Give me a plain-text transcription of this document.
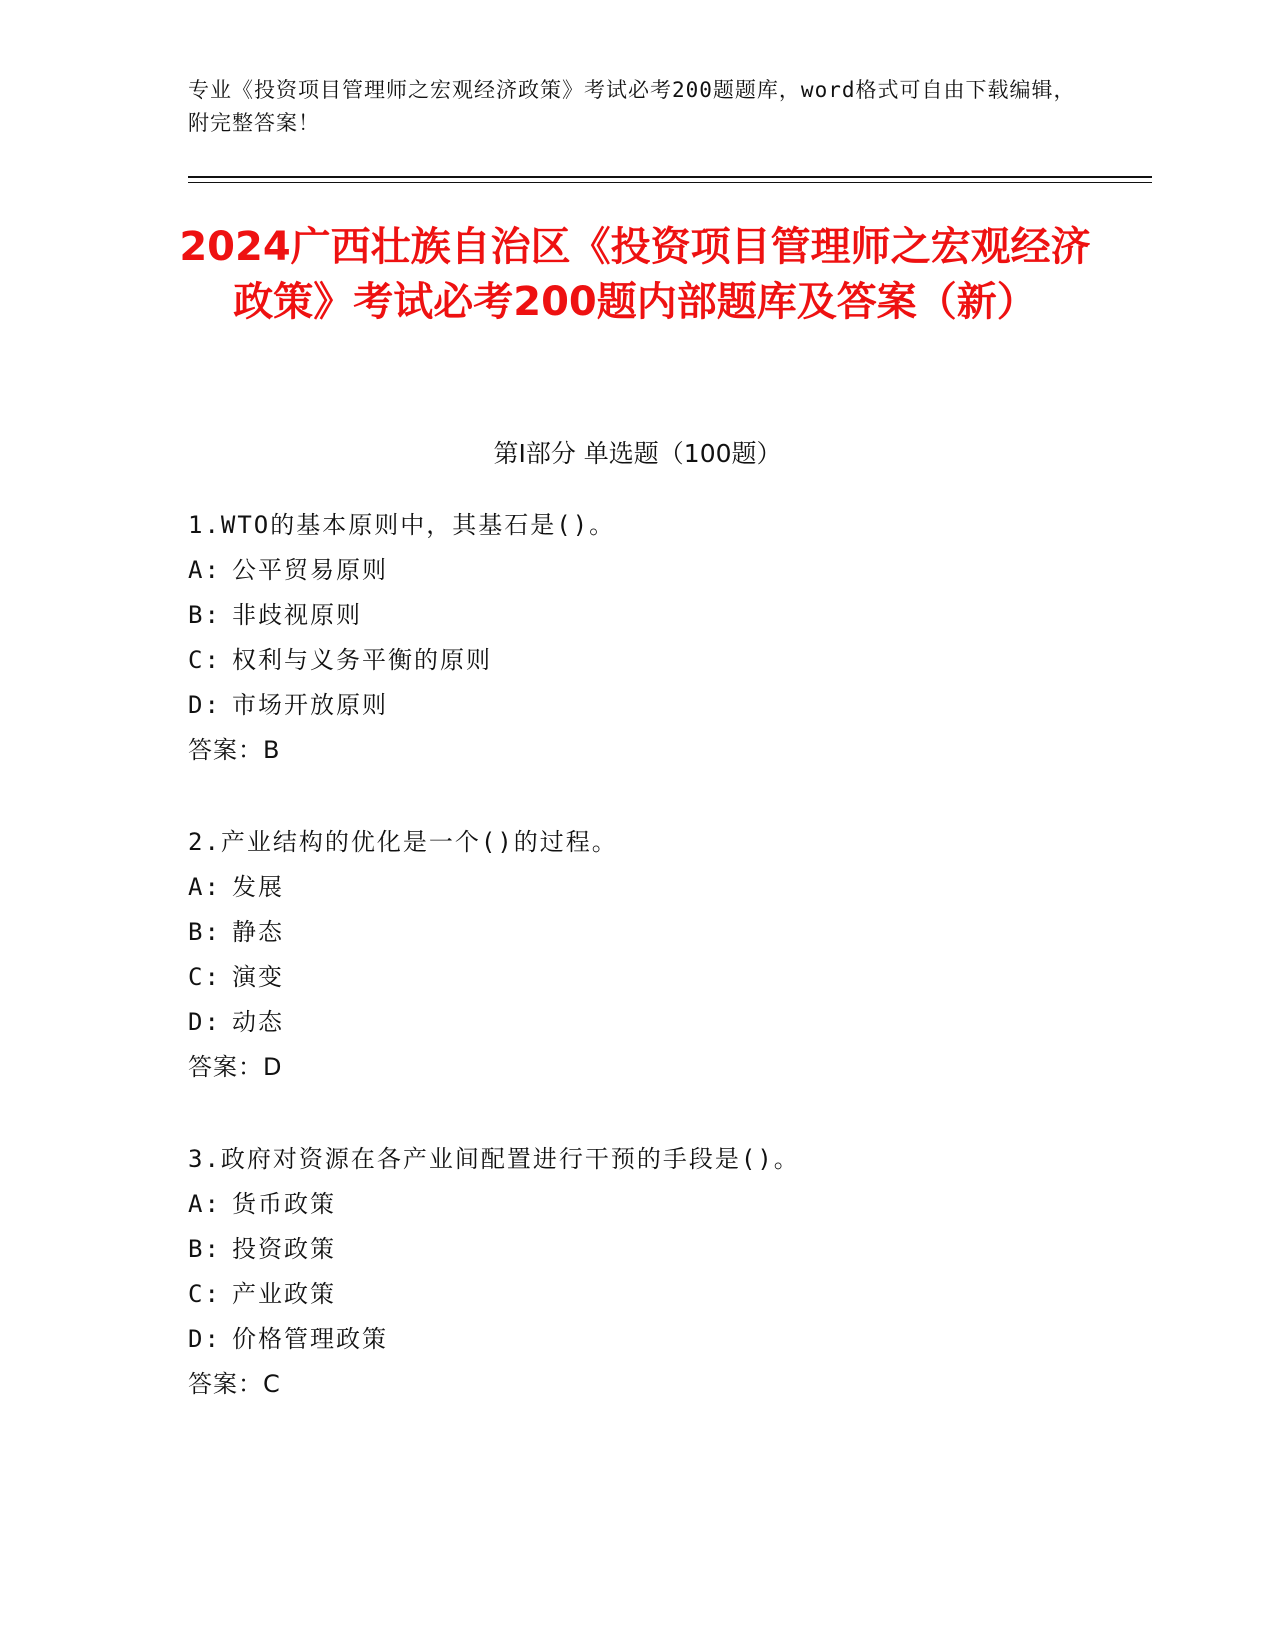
专业《投资项目管理师之宏观经济政策》考试必考200题题库，word格式可自由下载编辑，附完整答案！
2024广西壮族自治区《投资项目管理师之宏观经济政策》考试必考200题内部题库及答案（新）
第Ⅰ部分 单选题（100题）
1.WTO的基本原则中，其基石是()。
A: 公平贸易原则
B: 非歧视原则
C: 权利与义务平衡的原则
D: 市场开放原则
答案：B
2.产业结构的优化是一个()的过程。
A: 发展
B: 静态
C: 演变
D: 动态
答案：D
3.政府对资源在各产业间配置进行干预的手段是()。
A: 货币政策
B: 投资政策
C: 产业政策
D: 价格管理政策
答案：C
